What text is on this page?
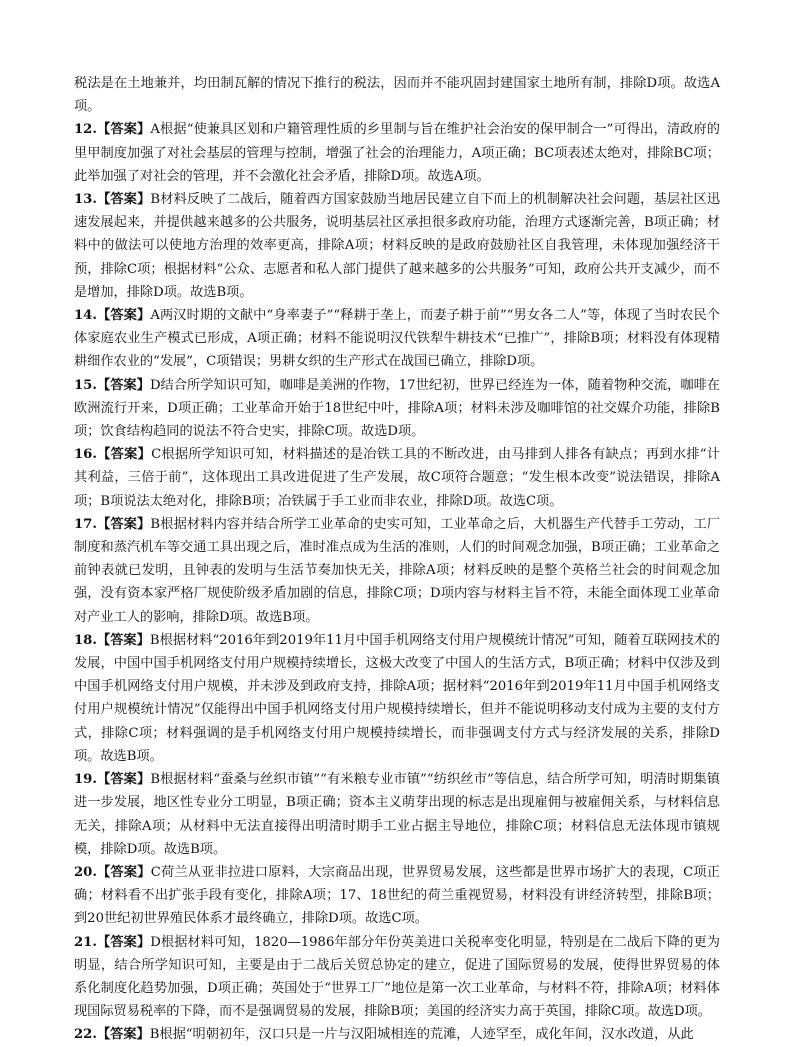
税法是在土地兼并，均田制瓦解的情况下推行的税法，因而并不能巩固封建国家土地所有制，排除D项。故选A项。

12.【答案】A根据“使兼具区划和户籍管理性质的乡里制与旨在维护社会治安的保甲制合一”可得出，清政府的里甲制度加强了对社会基层的管理与控制，增强了社会的治理能力，A项正确；BC项表述太绝对，排除BC项；此举加强了对社会的管理，并不会激化社会矛盾，排除D项。故选A项。

13.【答案】B材料反映了二战后，随着西方国家鼓励当地居民建立自下而上的机制解决社会问题，基层社区迅速发展起来，并提供越来越多的公共服务，说明基层社区承担很多政府功能，治理方式逐渐完善，B项正确；材料中的做法可以使地方治理的效率更高，排除A项；材料反映的是政府鼓励社区自我管理，未体现加强经济干预，排除C项；根据材料“公众、志愿者和私人部门提供了越来越多的公共服务”可知，政府公共开支减少，而不是增加，排除D项。故选B项。

14.【答案】A两汉时期的文献中“身率妻子”“释耕于垄上，而妻子耕于前”“男女各二人”等，体现了当时农民个体家庭农业生产模式已形成，A项正确；材料不能说明汉代铁犁牛耕技术“已推广”，排除B项；材料没有体现精耕细作农业的“发展”，C项错误；男耕女织的生产形式在战国已确立，排除D项。

15.【答案】D结合所学知识可知，咖啡是美洲的作物，17世纪初，世界已经连为一体，随着物种交流，咖啡在欧洲流行开来，D项正确；工业革命开始于18世纪中叶，排除A项；材料未涉及咖啡馆的社交媒介功能，排除B项；饮食结构趋同的说法不符合史实，排除C项。故选D项。

16.【答案】C根据所学知识可知，材料描述的是冶铁工具的不断改进，由马排到人排各有缺点；再到水排“计其利益，三倍于前”，这体现出工具改进促进了生产发展，故C项符合题意；“发生根本改变”说法错误，排除A项；B项说法太绝对化，排除B项；冶铁属于手工业而非农业，排除D项。故选C项。

17.【答案】B根据材料内容并结合所学工业革命的史实可知，工业革命之后，大机器生产代替手工劳动，工厂制度和蒸汽机车等交通工具出现之后，准时准点成为生活的准则，人们的时间观念加强，B项正确；工业革命之前钟表就已发明，且钟表的发明与生活节奏加快无关，排除A项；材料反映的是整个英格兰社会的时间观念加强，没有资本家严格厂规使阶级矛盾加剧的信息，排除C项；D项内容与材料主旨不符，未能全面体现工业革命对产业工人的影响，排除D项。故选B项。

18.【答案】B根据材料“2016年到2019年11月中国手机网络支付用户规模统计情况”可知，随着互联网技术的发展，中国中国手机网络支付用户规模持续增长，这极大改变了中国人的生活方式，B项正确；材料中仅涉及到中国手机网络支付用户规模，并未涉及到政府支持，排除A项；据材料“2016年到2019年11月中国手机网络支付用户规模统计情况”仅能得出中国手机网络支付用户规模持续增长，但并不能说明移动支付成为主要的支付方式，排除C项；材料强调的是手机网络支付用户规模持续增长，而非强调支付方式与经济发展的关系，排除D项。故选B项。

19.【答案】B根据材料“蚕桑与丝织市镇”“有米粮专业市镇”“纺织丝市”等信息，结合所学可知，明清时期集镇进一步发展，地区性专业分工明显，B项正确；资本主义萌芽出现的标志是出现雇佣与被雇佣关系，与材料信息无关，排除A项；从材料中无法直接得出明清时期手工业占据主导地位，排除C项；材料信息无法体现市镇规模，排除D项。故选B项。

20.【答案】C荷兰从亚非拉进口原料，大宗商品出现，世界贸易发展，这些都是世界市场扩大的表现，C项正确；材料看不出扩张手段有变化，排除A项；17、18世纪的荷兰重视贸易，材料没有讲经济转型，排除B项；到20世纪初世界殖民体系才最终确立，排除D项。故选C项。

21.【答案】D根据材料可知，1820—1986年部分年份英美进口关税率变化明显，特别是在二战后下降的更为明显，结合所学知识可知，主要是由于二战后关贸总协定的建立，促进了国际贸易的发展，使得世界贸易的体系化制度化趋势加强，D项正确；英国处于“世界工厂”地位是第一次工业革命，与材料不符，排除A项；材料体现国际贸易税率的下降，而不是强调贸易的发展，排除B项；美国的经济实力高于英国，排除C项。故选D项。

22.【答案】B根据“明朝初年，汉口只是一片与汉阳城相连的荒滩，人迹罕至，成化年间，汉水改道，从此
